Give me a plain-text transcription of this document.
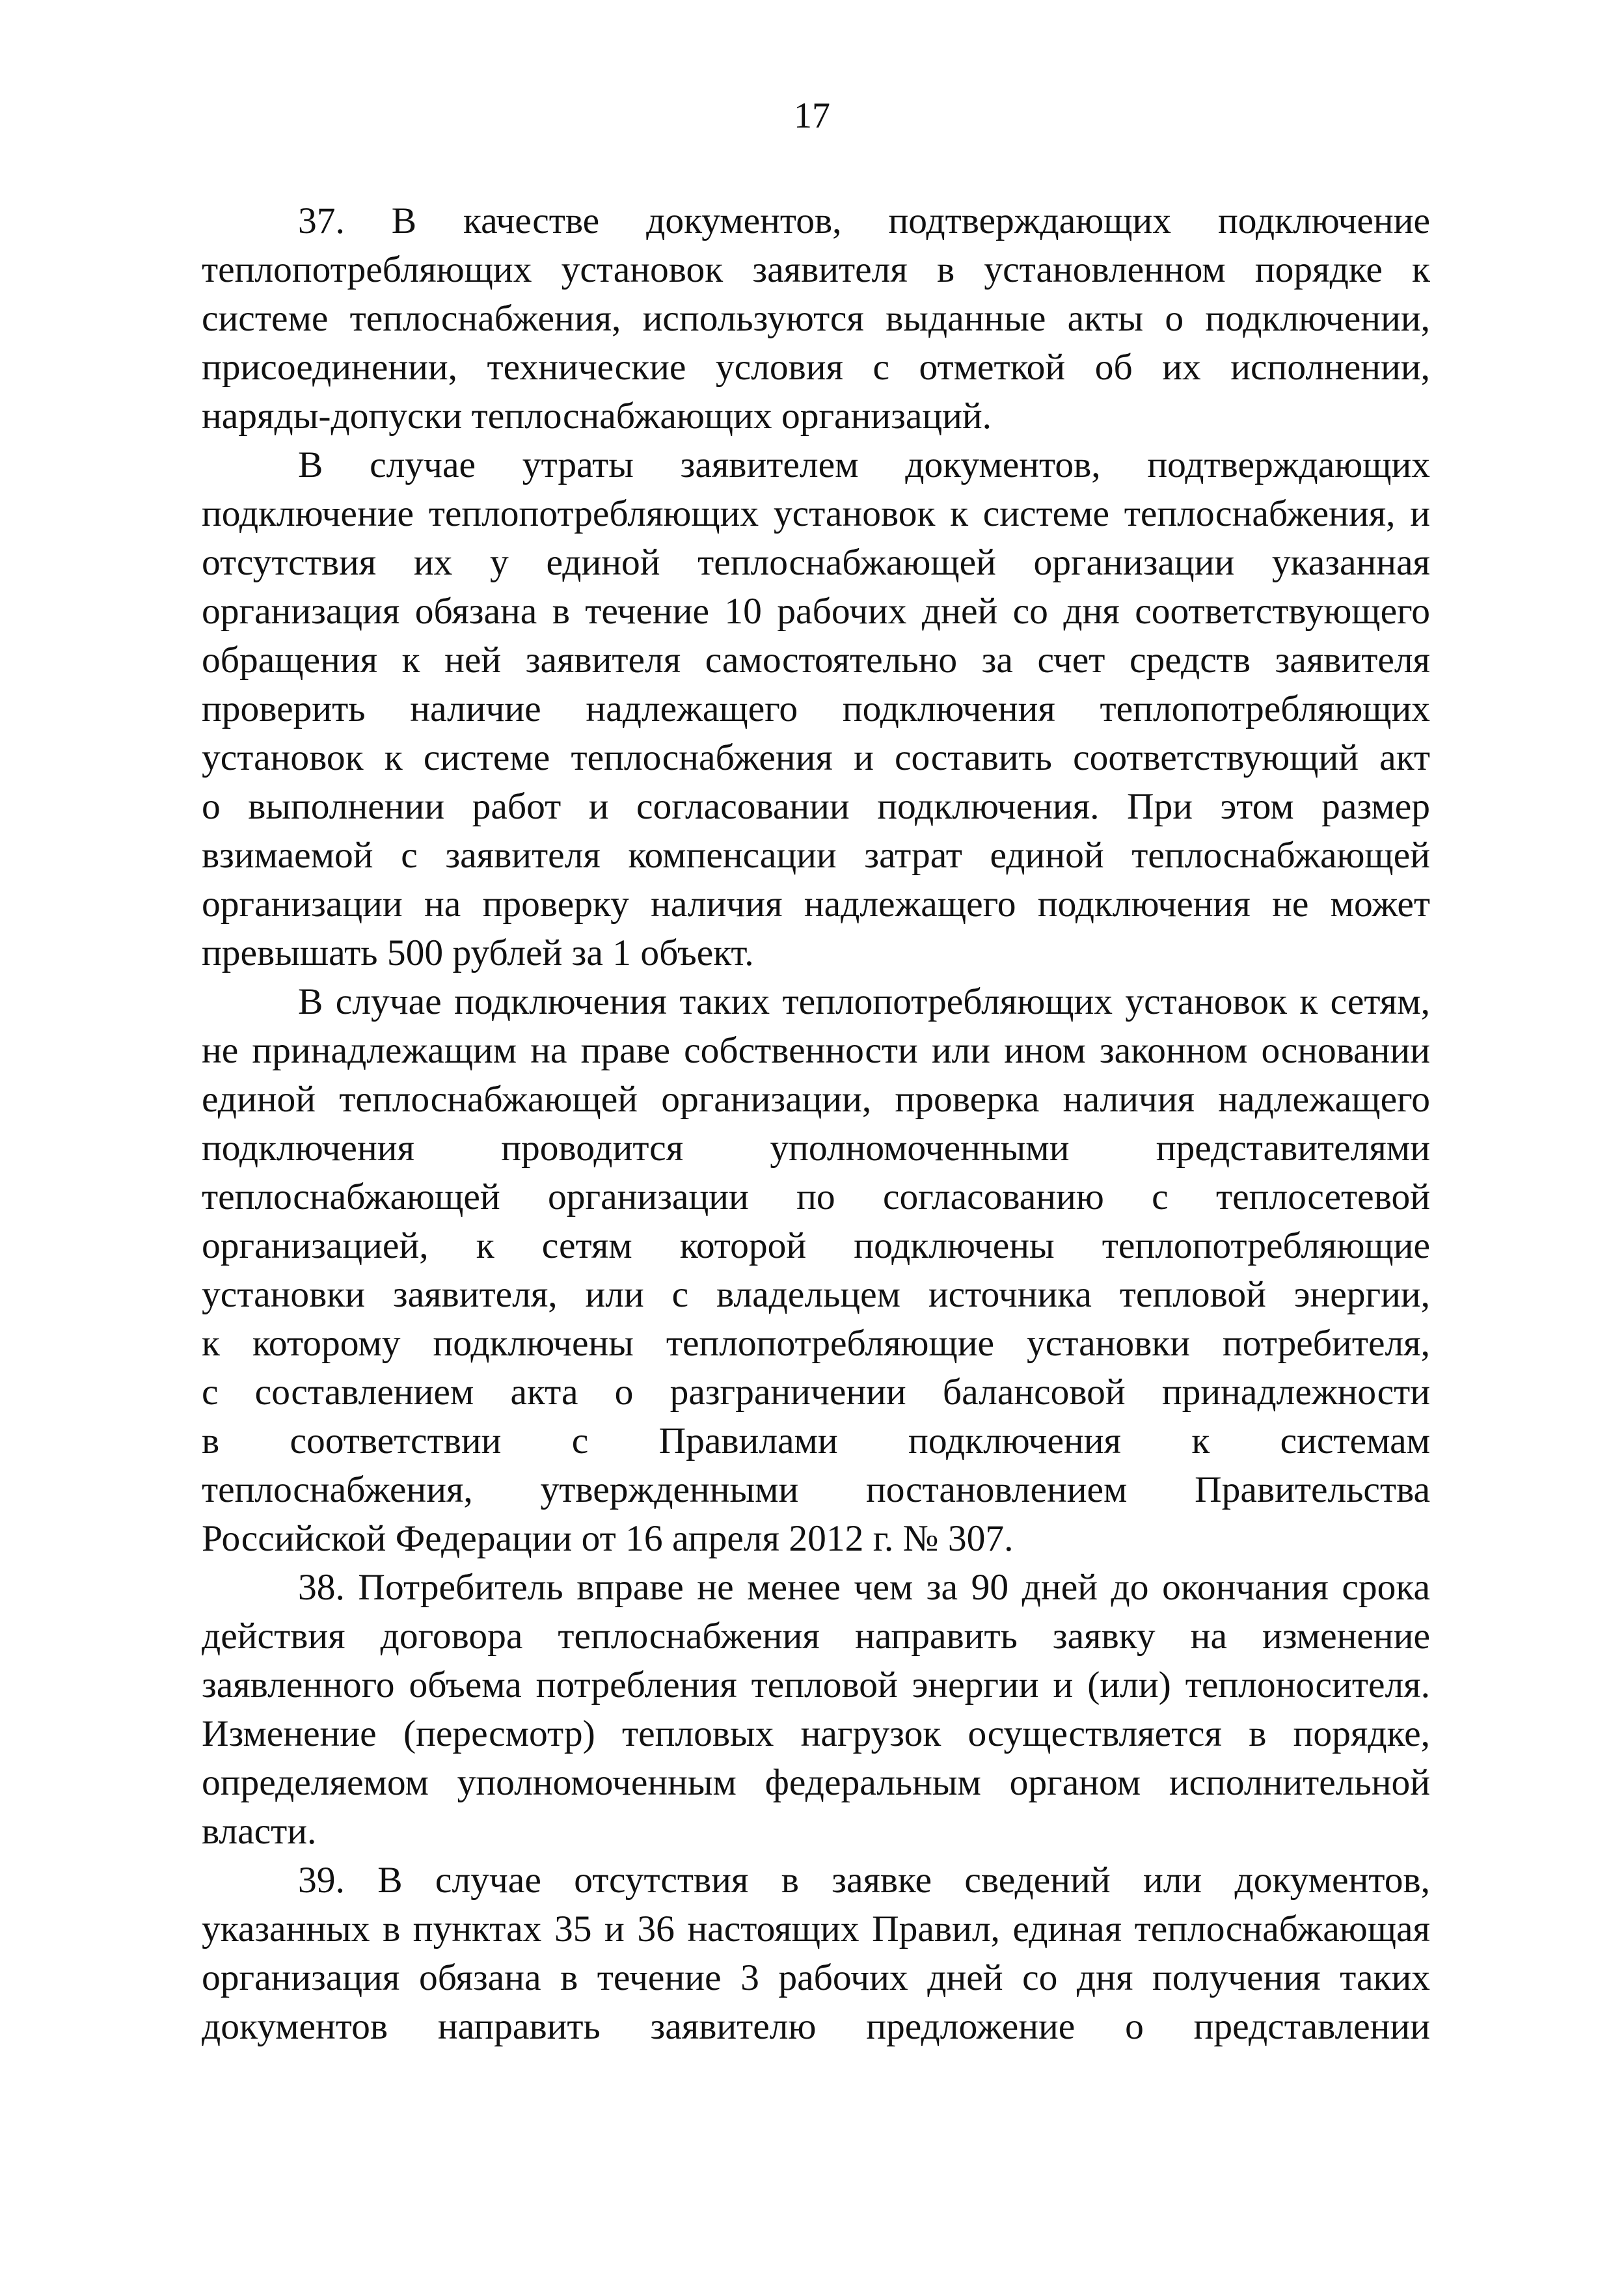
17
37. В качестве документов, подтверждающих подключение
теплопотребляющих установок заявителя в установленном порядке к
системе теплоснабжения, используются выданные акты о подключении,
присоединении, технические условия с отметкой об их исполнении,
наряды-допуски теплоснабжающих организаций.
В случае утраты заявителем документов, подтверждающих
подключение теплопотребляющих установок к системе теплоснабжения, и
отсутствия их у единой теплоснабжающей организации указанная
организация обязана в течение 10 рабочих дней со дня соответствующего
обращения к ней заявителя самостоятельно за счет средств заявителя
проверить наличие надлежащего подключения теплопотребляющих
установок к системе теплоснабжения и составить соответствующий акт
о выполнении работ и согласовании подключения. При этом размер
взимаемой с заявителя компенсации затрат единой теплоснабжающей
организации на проверку наличия надлежащего подключения не может
превышать 500 рублей за 1 объект.
В случае подключения таких теплопотребляющих установок к сетям,
не принадлежащим на праве собственности или ином законном основании
единой теплоснабжающей организации, проверка наличия надлежащего
подключения проводится уполномоченными представителями
теплоснабжающей организации по согласованию с теплосетевой
организацией, к сетям которой подключены теплопотребляющие
установки заявителя, или с владельцем источника тепловой энергии,
к которому подключены теплопотребляющие установки потребителя,
с составлением акта о разграничении балансовой принадлежности
в соответствии с Правилами подключения к системам
теплоснабжения, утвержденными постановлением Правительства
Российской Федерации от 16 апреля 2012 г. № 307.
38. Потребитель вправе не менее чем за 90 дней до окончания срока
действия договора теплоснабжения направить заявку на изменение
заявленного объема потребления тепловой энергии и (или) теплоносителя.
Изменение (пересмотр) тепловых нагрузок осуществляется в порядке,
определяемом уполномоченным федеральным органом исполнительной
власти.
39. В случае отсутствия в заявке сведений или документов,
указанных в пунктах 35 и 36 настоящих Правил, единая теплоснабжающая
организация обязана в течение 3 рабочих дней со дня получения таких
документов направить заявителю предложение о представлении
